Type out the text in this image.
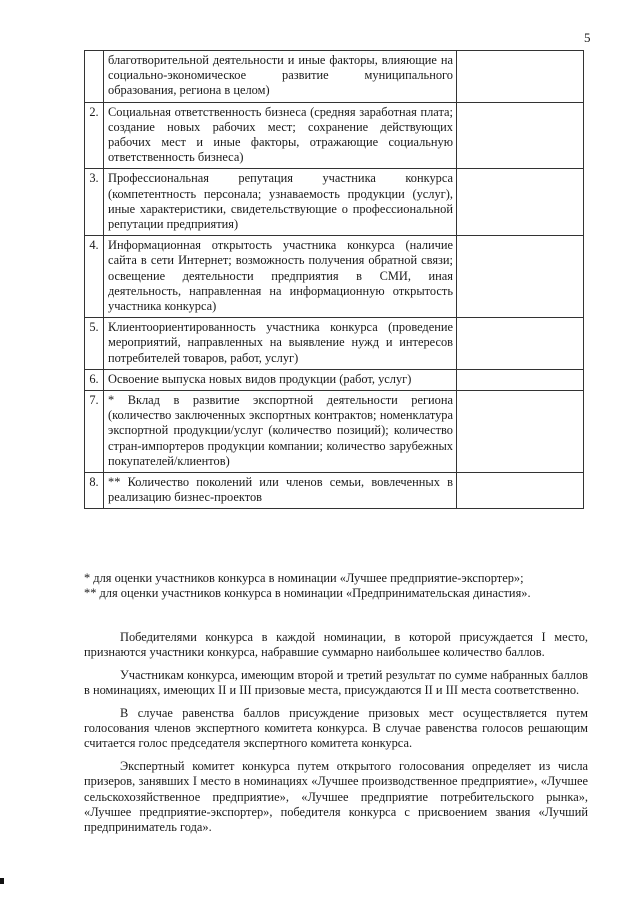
5
	благотворительной деятельности и иные факторы, влияющие на социально-экономическое развитие муниципального образования, региона в целом)	
2.	Социальная ответственность бизнеса (средняя заработная плата; создание новых рабочих мест; сохранение действующих рабочих мест и иные факторы, отражающие социальную ответственность бизнеса)	
3.	Профессиональная репутация участника конкурса (компетентность персонала; узнаваемость продукции (услуг), иные характеристики, свидетельствующие о профессиональной репутации предприятия)	
4.	Информационная открытость участника конкурса (наличие сайта в сети Интернет; возможность получения обратной связи; освещение деятельности предприятия в СМИ, иная деятельность, направленная на информационную открытость участника конкурса)	
5.	Клиентоориентированность участника конкурса (проведение мероприятий, направленных на выявление нужд и интересов потребителей товаров, работ, услуг)	
6.	Освоение выпуска новых видов продукции (работ, услуг)	
7.	* Вклад в развитие экспортной деятельности региона (количество заключенных экспортных контрактов; номенклатура экспортной продукции/услуг (количество позиций); количество стран-импортеров продукции компании; количество зарубежных покупателей/клиентов)	
8.	** Количество поколений или членов семьи, вовлеченных в реализацию бизнес-проектов	

* для оценки участников конкурса в номинации «Лучшее предприятие-экспортер»;

** для оценки участников конкурса в номинации «Предпринимательская династия».

Победителями конкурса в каждой номинации, в которой присуждается I место, признаются участники конкурса, набравшие суммарно наибольшее количество баллов.

Участникам конкурса, имеющим второй и третий результат по сумме набранных баллов в номинациях, имеющих II и III призовые места, присуждаются II и III места соответственно.

В случае равенства баллов присуждение призовых мест осуществляется путем голосования членов экспертного комитета конкурса. В случае равенства голосов решающим считается голос председателя экспертного комитета конкурса.

Экспертный комитет конкурса путем открытого голосования определяет из числа призеров, занявших I место в номинациях «Лучшее производственное предприятие», «Лучшее сельскохозяйственное предприятие», «Лучшее предприятие потребительского рынка», «Лучшее предприятие-экспортер», победителя конкурса с присвоением звания «Лучший предприниматель года».
